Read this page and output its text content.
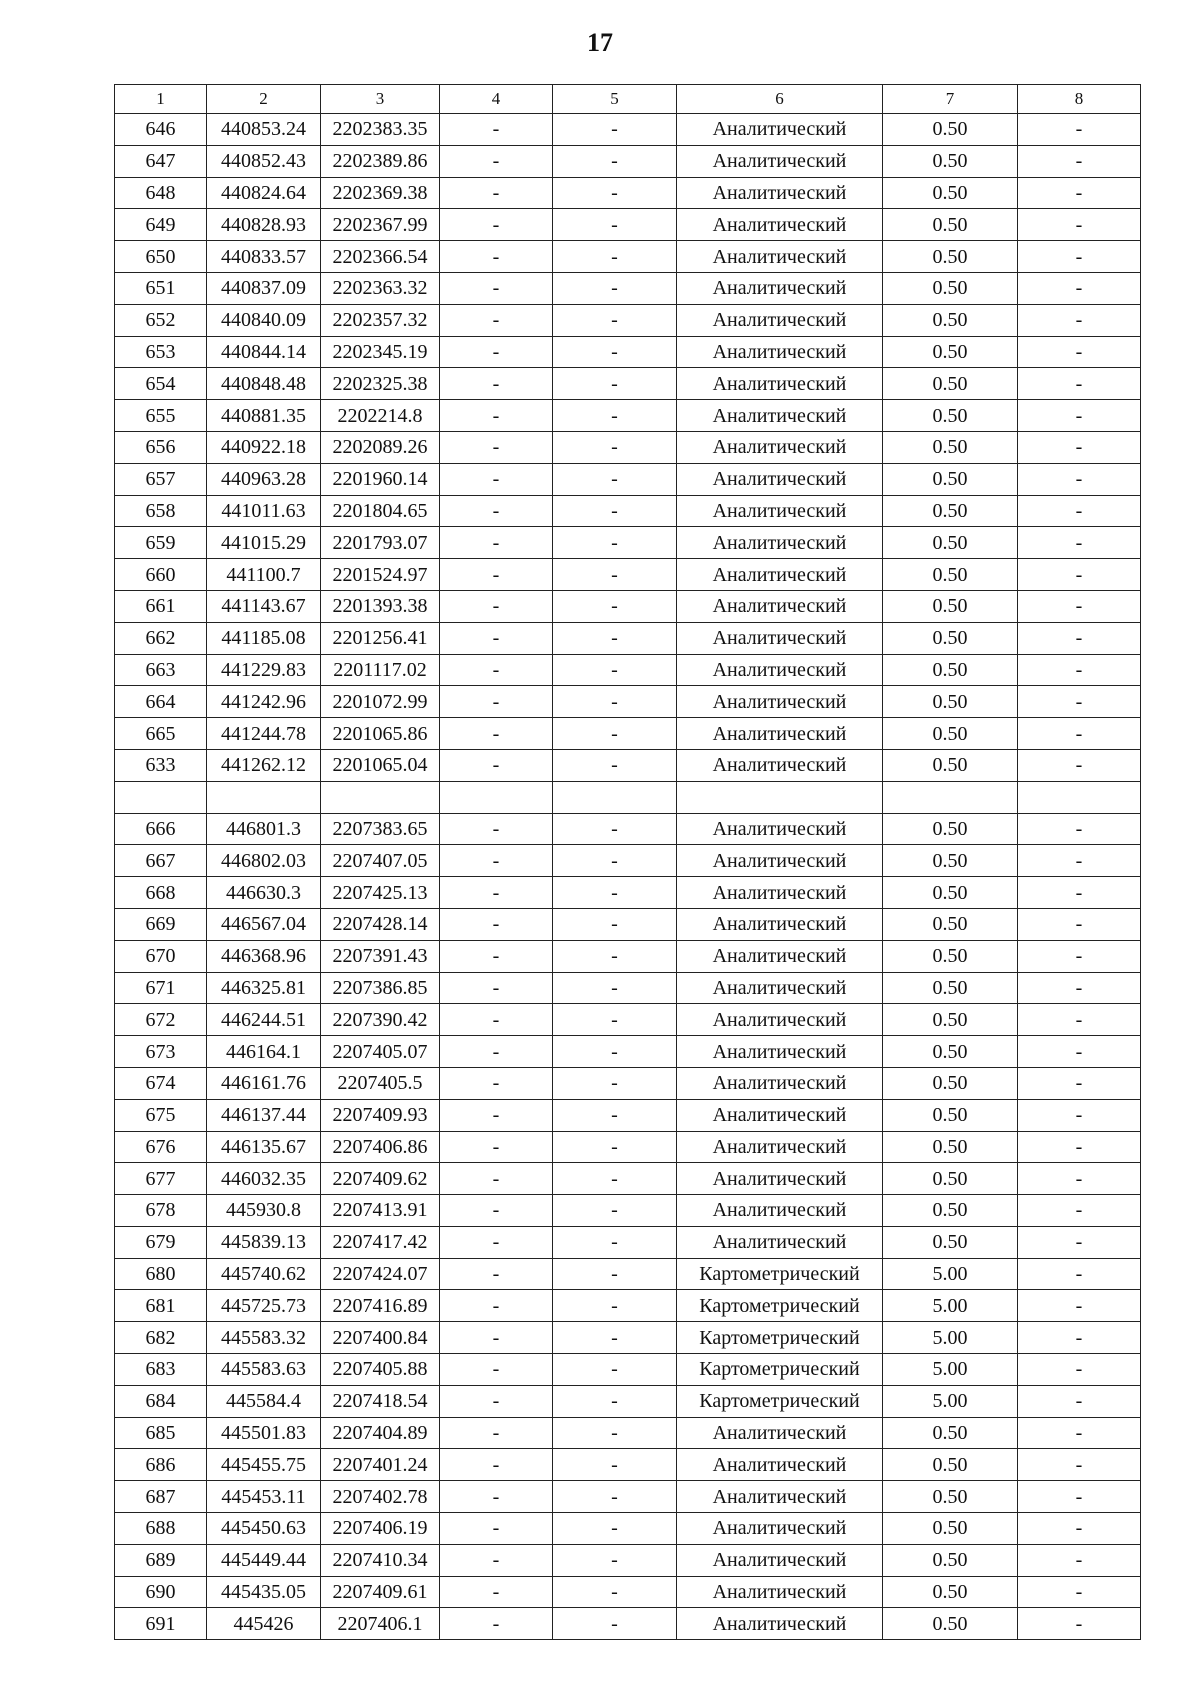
17
1	2	3	4	5	6	7	8
646	440853.24	2202383.35	-	-	Аналитический	0.50	-
647	440852.43	2202389.86	-	-	Аналитический	0.50	-
648	440824.64	2202369.38	-	-	Аналитический	0.50	-
649	440828.93	2202367.99	-	-	Аналитический	0.50	-
650	440833.57	2202366.54	-	-	Аналитический	0.50	-
651	440837.09	2202363.32	-	-	Аналитический	0.50	-
652	440840.09	2202357.32	-	-	Аналитический	0.50	-
653	440844.14	2202345.19	-	-	Аналитический	0.50	-
654	440848.48	2202325.38	-	-	Аналитический	0.50	-
655	440881.35	2202214.8	-	-	Аналитический	0.50	-
656	440922.18	2202089.26	-	-	Аналитический	0.50	-
657	440963.28	2201960.14	-	-	Аналитический	0.50	-
658	441011.63	2201804.65	-	-	Аналитический	0.50	-
659	441015.29	2201793.07	-	-	Аналитический	0.50	-
660	441100.7	2201524.97	-	-	Аналитический	0.50	-
661	441143.67	2201393.38	-	-	Аналитический	0.50	-
662	441185.08	2201256.41	-	-	Аналитический	0.50	-
663	441229.83	2201117.02	-	-	Аналитический	0.50	-
664	441242.96	2201072.99	-	-	Аналитический	0.50	-
665	441244.78	2201065.86	-	-	Аналитический	0.50	-
633	441262.12	2201065.04	-	-	Аналитический	0.50	-

666	446801.3	2207383.65	-	-	Аналитический	0.50	-
667	446802.03	2207407.05	-	-	Аналитический	0.50	-
668	446630.3	2207425.13	-	-	Аналитический	0.50	-
669	446567.04	2207428.14	-	-	Аналитический	0.50	-
670	446368.96	2207391.43	-	-	Аналитический	0.50	-
671	446325.81	2207386.85	-	-	Аналитический	0.50	-
672	446244.51	2207390.42	-	-	Аналитический	0.50	-
673	446164.1	2207405.07	-	-	Аналитический	0.50	-
674	446161.76	2207405.5	-	-	Аналитический	0.50	-
675	446137.44	2207409.93	-	-	Аналитический	0.50	-
676	446135.67	2207406.86	-	-	Аналитический	0.50	-
677	446032.35	2207409.62	-	-	Аналитический	0.50	-
678	445930.8	2207413.91	-	-	Аналитический	0.50	-
679	445839.13	2207417.42	-	-	Аналитический	0.50	-
680	445740.62	2207424.07	-	-	Картометрический	5.00	-
681	445725.73	2207416.89	-	-	Картометрический	5.00	-
682	445583.32	2207400.84	-	-	Картометрический	5.00	-
683	445583.63	2207405.88	-	-	Картометрический	5.00	-
684	445584.4	2207418.54	-	-	Картометрический	5.00	-
685	445501.83	2207404.89	-	-	Аналитический	0.50	-
686	445455.75	2207401.24	-	-	Аналитический	0.50	-
687	445453.11	2207402.78	-	-	Аналитический	0.50	-
688	445450.63	2207406.19	-	-	Аналитический	0.50	-
689	445449.44	2207410.34	-	-	Аналитический	0.50	-
690	445435.05	2207409.61	-	-	Аналитический	0.50	-
691	445426	2207406.1	-	-	Аналитический	0.50	-
